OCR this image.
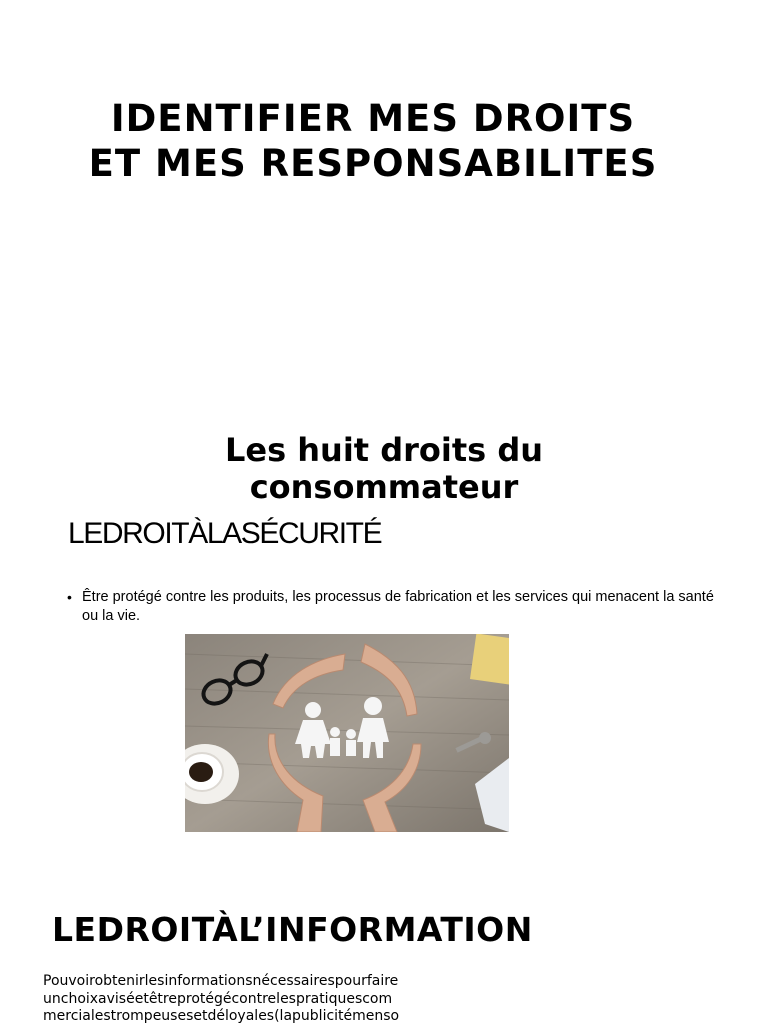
IDENTIFIER MES DROITS
ET MES RESPONSABILITES
Les huit droits du
consommateur
LEDROITÀLASÉCURITÉ
• Être protégé contre les produits, les processus de fabrication et les services qui menacent la santé ou la vie.
LEDROITÀL’INFORMATION
Pouvoirobtenirlesinformationsnécessairespourfaire
unchoixaviséetêtreprotégécontrelespratiquescom
mercialestrompeusesetdéloyales(lapublicitémenso
